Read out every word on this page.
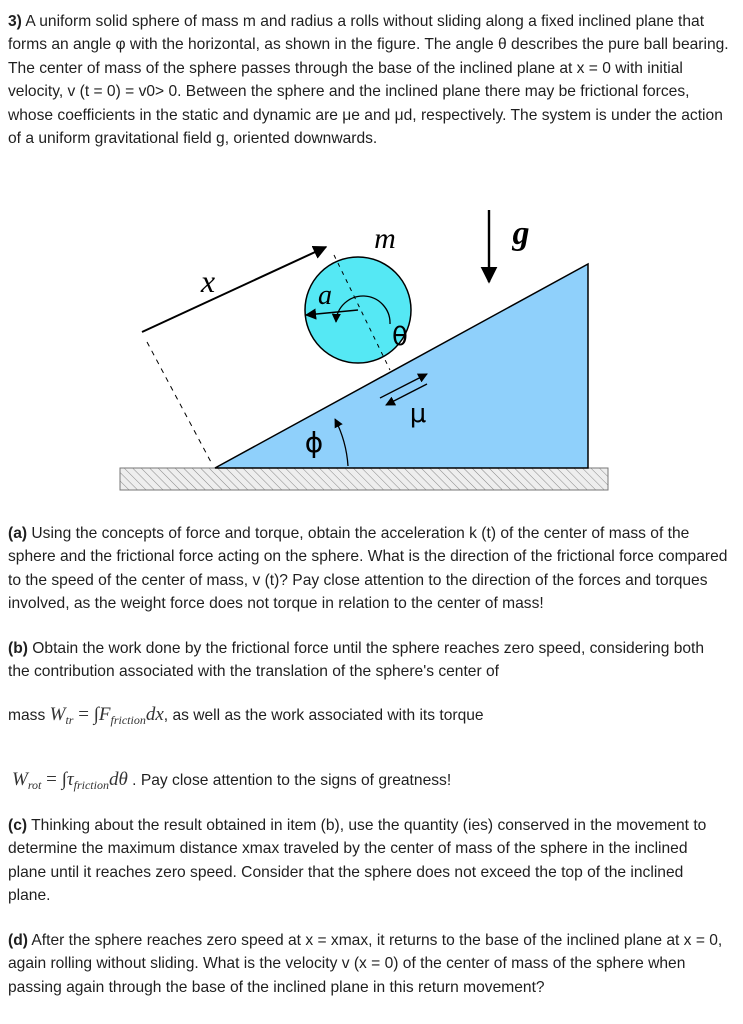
3) A uniform solid sphere of mass m and radius a rolls without sliding along a fixed inclined plane that forms an angle φ with the horizontal, as shown in the figure. The angle θ describes the pure ball bearing. The center of mass of the sphere passes through the base of the inclined plane at x = 0 with initial velocity, v (t = 0) = v0> 0. Between the sphere and the inclined plane there may be frictional forces, whose coefficients in the static and dynamic are μe and μd, respectively. The system is under the action of a uniform gravitational field g, oriented downwards.

m	g
x	a
θ
μ
ϕ

(a) Using the concepts of force and torque, obtain the acceleration k (t) of the center of mass of the sphere and the frictional force acting on the sphere. What is the direction of the frictional force compared to the speed of the center of mass, v (t)? Pay close attention to the direction of the forces and torques involved, as the weight force does not torque in relation to the center of mass!

(b) Obtain the work done by the frictional force until the sphere reaches zero speed, considering both the contribution associated with the translation of the sphere's center of

mass $W_{tr} = \int F_{friction}dx$, as well as the work associated with its torque
$W_{rot} = \int\tau_{friction}d\theta$ . Pay close attention to the signs of greatness!

(c) Thinking about the result obtained in item (b), use the quantity (ies) conserved in the movement to determine the maximum distance xmax traveled by the center of mass of the sphere in the inclined plane until it reaches zero speed. Consider that the sphere does not exceed the top of the inclined plane.

(d) After the sphere reaches zero speed at x = xmax, it returns to the base of the inclined plane at x = 0, again rolling without sliding. What is the velocity v (x = 0) of the center of mass of the sphere when passing again through the base of the inclined plane in this return movement?
